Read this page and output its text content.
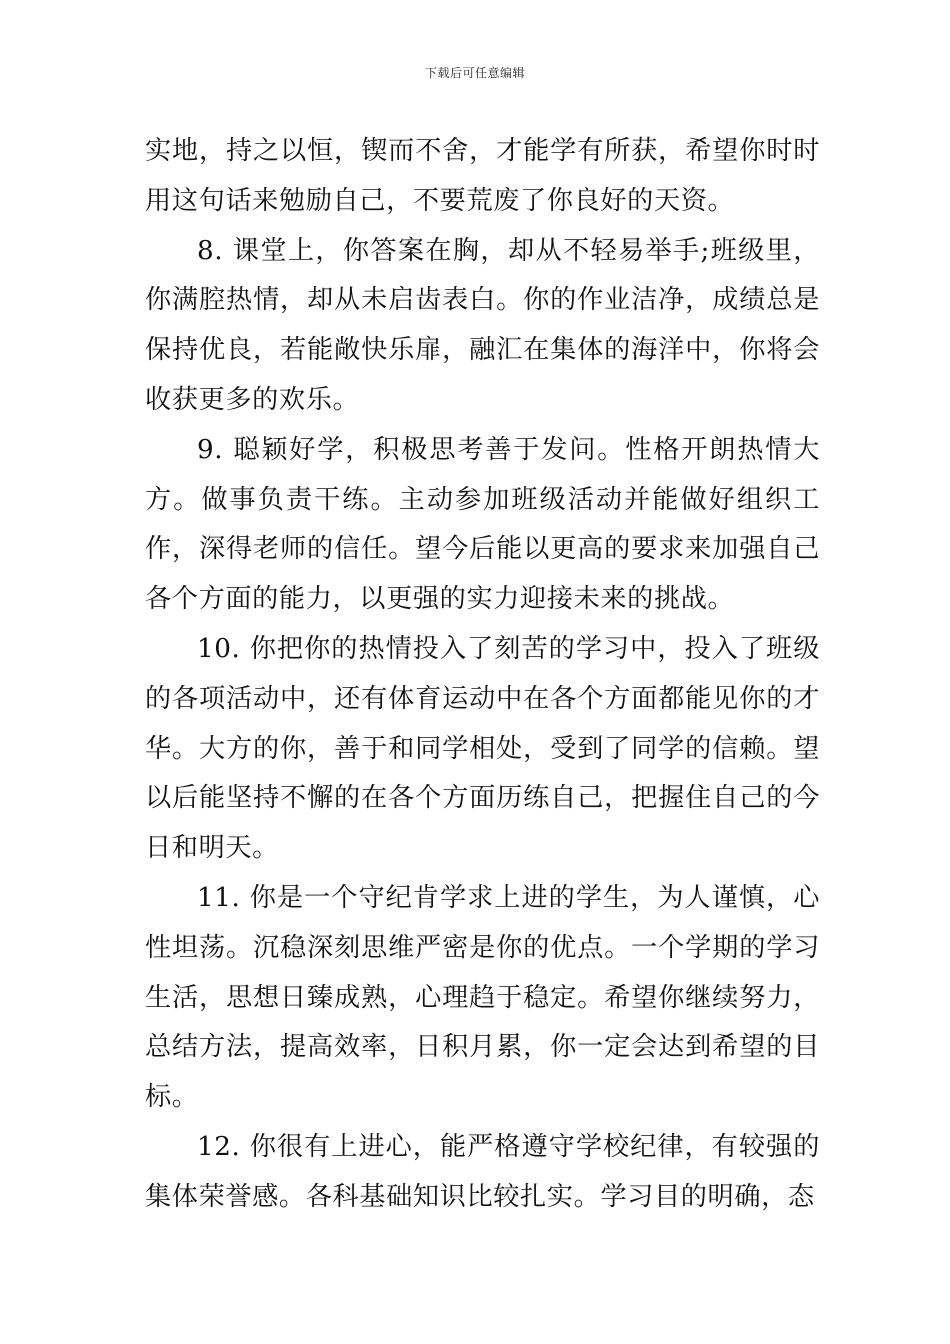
下载后可任意编辑

实地，持之以恒，锲而不舍，才能学有所获，希望你时时用这句话来勉励自己，不要荒废了你良好的天资。

8. 课堂上，你答案在胸，却从不轻易举手;班级里，你满腔热情，却从未启齿表白。你的作业洁净，成绩总是保持优良，若能敞快乐扉，融汇在集体的海洋中，你将会收获更多的欢乐。

9. 聪颖好学，积极思考善于发问。性格开朗热情大方。做事负责干练。主动参加班级活动并能做好组织工作，深得老师的信任。望今后能以更高的要求来加强自己各个方面的能力，以更强的实力迎接未来的挑战。

10. 你把你的热情投入了刻苦的学习中，投入了班级的各项活动中，还有体育运动中在各个方面都能见你的才华。大方的你，善于和同学相处，受到了同学的信赖。望以后能坚持不懈的在各个方面历练自己，把握住自己的今日和明天。

11. 你是一个守纪肯学求上进的学生，为人谨慎，心性坦荡。沉稳深刻思维严密是你的优点。一个学期的学习生活，思想日臻成熟，心理趋于稳定。希望你继续努力，总结方法，提高效率，日积月累，你一定会达到希望的目标。

12. 你很有上进心，能严格遵守学校纪律，有较强的集体荣誉感。各科基础知识比较扎实。学习目的明确，态
